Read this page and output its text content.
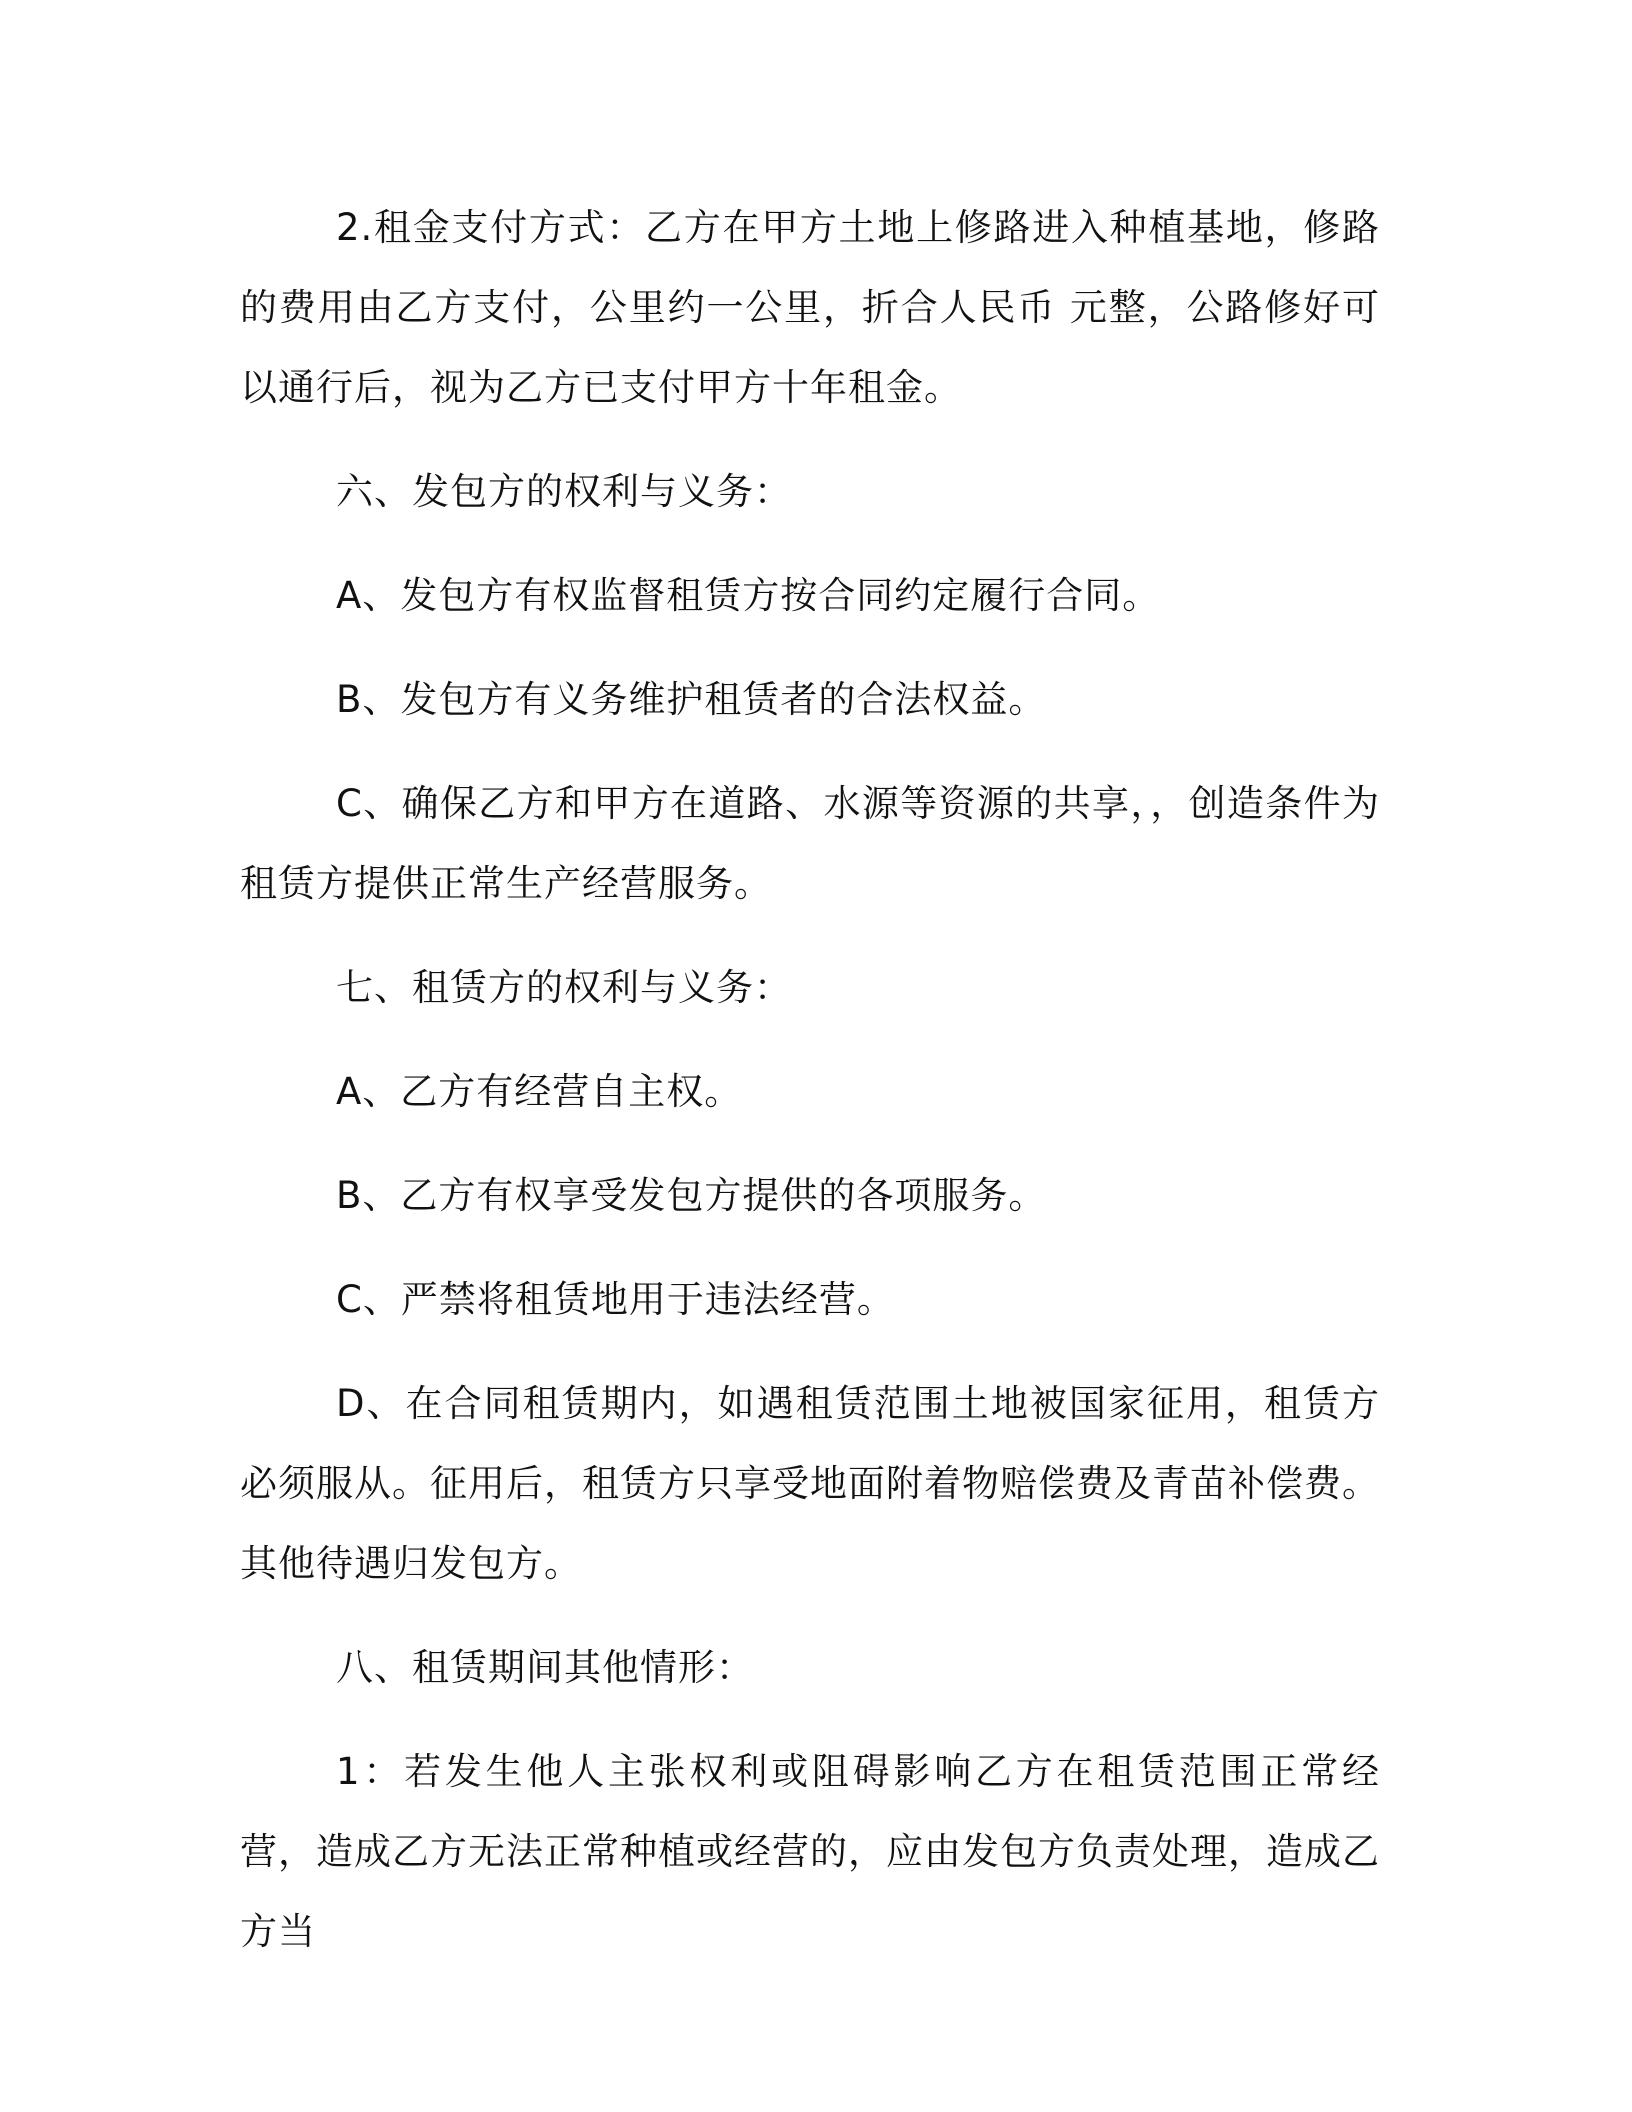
2.租金支付方式：乙方在甲方土地上修路进入种植基地，修路的费用由乙方支付，公里约一公里，折合人民币 元整，公路修好可以通行后，视为乙方已支付甲方十年租金。

六、发包方的权利与义务：

A、发包方有权监督租赁方按合同约定履行合同。

B、发包方有义务维护租赁者的合法权益。

C、确保乙方和甲方在道路、水源等资源的共享，，创造条件为租赁方提供正常生产经营服务。

七、租赁方的权利与义务：

A、乙方有经营自主权。

B、乙方有权享受发包方提供的各项服务。

C、严禁将租赁地用于违法经营。

D、在合同租赁期内，如遇租赁范围土地被国家征用，租赁方必须服从。征用后，租赁方只享受地面附着物赔偿费及青苗补偿费。其他待遇归发包方。

八、租赁期间其他情形：

1：若发生他人主张权利或阻碍影响乙方在租赁范围正常经营，造成乙方无法正常种植或经营的，应由发包方负责处理，造成乙方当
